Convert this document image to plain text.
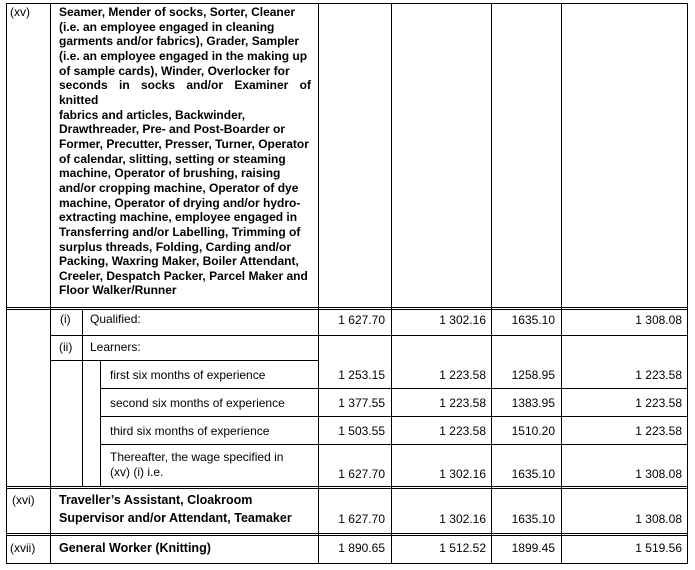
(xv) Seamer, Mender of socks, Sorter, Cleaner
(i.e. an employee engaged in cleaning
garments and/or fabrics), Grader, Sampler
(i.e. an employee engaged in the making up
of sample cards), Winder, Overlocker for
seconds in socks and/or Examiner of knitted
fabrics and articles, Backwinder,
Drawthreader, Pre- and Post-Boarder or
Former, Precutter, Presser, Turner, Operator
of calendar, slitting, setting or steaming
machine, Operator of brushing, raising
and/or cropping machine, Operator of dye
machine, Operator of drying and/or hydro-
extracting machine, employee engaged in
Transferring and/or Labelling, Trimming of
surplus threads, Folding, Carding and/or
Packing, Waxring Maker, Boiler Attendant,
Creeler, Despatch Packer, Parcel Maker and
Floor Walker/Runner
(i) Qualified:	1 627.70	1 302.16	1635.10	1 308.08
(ii) Learners:
first six months of experience	1 253.15	1 223.58	1258.95	1 223.58
second six months of experience	1 377.55	1 223.58	1383.95	1 223.58
third six months of experience	1 503.55	1 223.58	1510.20	1 223.58
Thereafter, the wage specified in
(xv) (i) i.e.	1 627.70	1 302.16	1635.10	1 308.08
(xvi) Traveller’s Assistant, Cloakroom
Supervisor and/or Attendant, Teamaker	1 627.70	1 302.16	1635.10	1 308.08
(xvii) General Worker (Knitting)	1 890.65	1 512.52	1899.45	1 519.56
